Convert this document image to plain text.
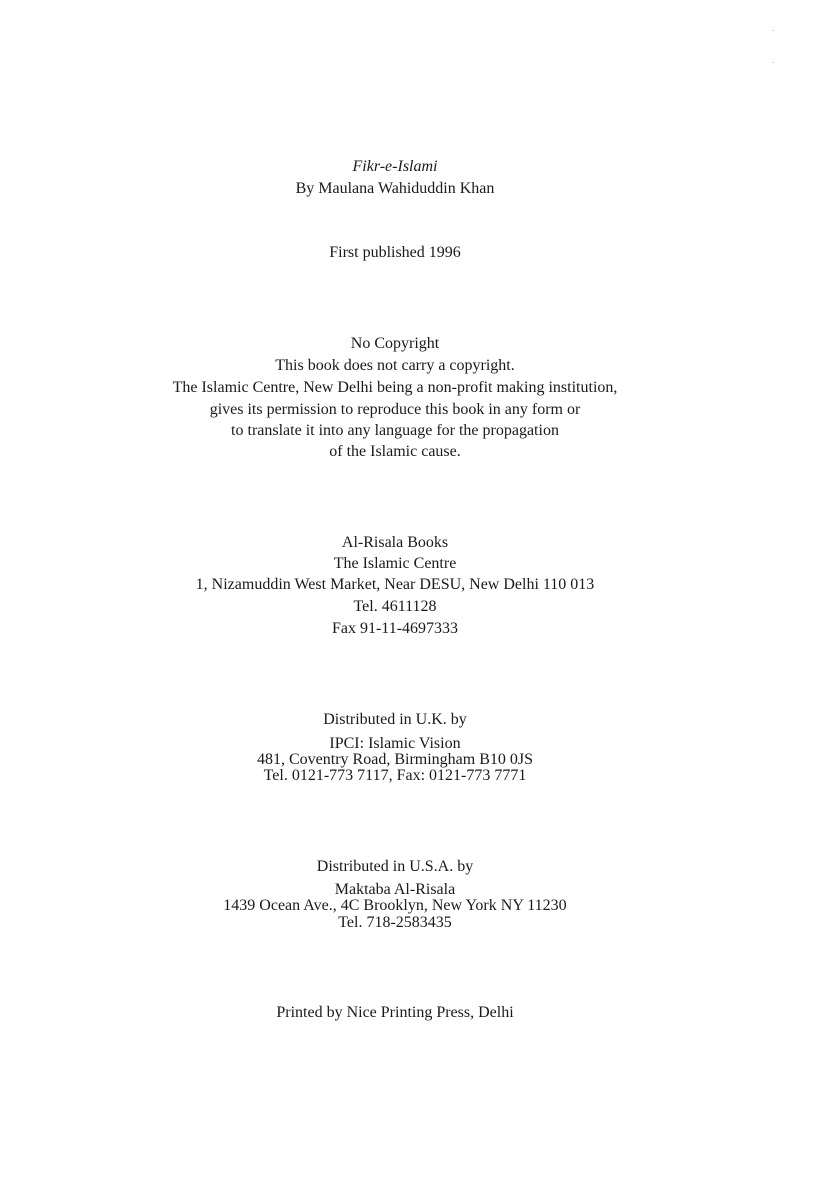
Fikr-e-Islami
By Maulana Wahiduddin Khan
First published 1996
No Copyright
This book does not carry a copyright.
The Islamic Centre, New Delhi being a non-profit making institution,
gives its permission to reproduce this book in any form or
to translate it into any language for the propagation
of the Islamic cause.
Al-Risala Books
The Islamic Centre
1, Nizamuddin West Market, Near DESU, New Delhi 110 013
Tel. 4611128
Fax 91-11-4697333
Distributed in U.K. by
IPCI: Islamic Vision
481, Coventry Road, Birmingham B10 0JS
Tel. 0121-773 7117, Fax: 0121-773 7771
Distributed in U.S.A. by
Maktaba Al-Risala
1439 Ocean Ave., 4C Brooklyn, New York NY 11230
Tel. 718-2583435
Printed by Nice Printing Press, Delhi
